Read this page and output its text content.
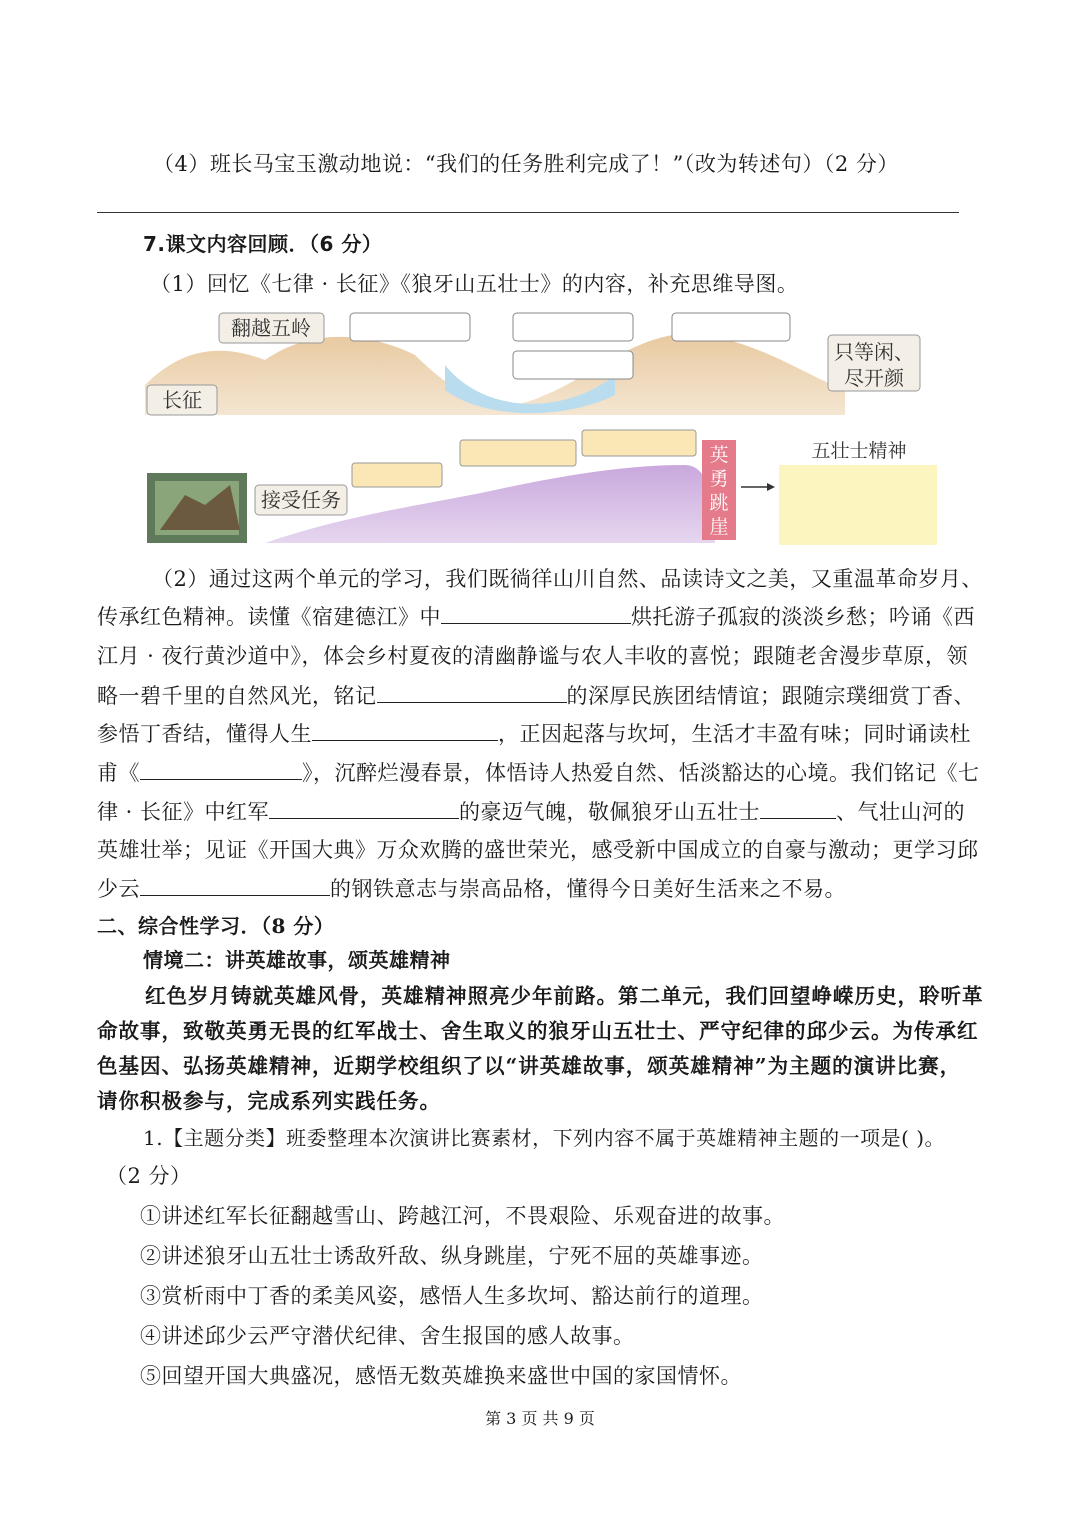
（4）班长马宝玉激动地说：“我们的任务胜利完成了！”（改为转述句）（2 分）
7.课文内容回顾．（6 分）
（1）回忆《七律 · 长征》《狼牙山五壮士》的内容，补充思维导图。
翻越五岭
长征
只等闲、
尽开颜
接受任务
英
勇
跳
崖
五壮士精神
（2）通过这两个单元的学习，我们既徜徉山川自然、品读诗文之美，又重温革命岁月、
传承红色精神。读懂《宿建德江》中	烘托游子孤寂的淡淡乡愁；吟诵《西
江月 · 夜行黄沙道中》，体会乡村夏夜的清幽静谧与农人丰收的喜悦；跟随老舍漫步草原，领
略一碧千里的自然风光，铭记	的深厚民族团结情谊；跟随宗璞细赏丁香、
参悟丁香结，懂得人生	，正因起落与坎坷，生活才丰盈有味；同时诵读杜
甫《	》，沉醉烂漫春景，体悟诗人热爱自然、恬淡豁达的心境。我们铭记《七
律 · 长征》中红军	的豪迈气魄，敬佩狼牙山五壮士	、气壮山河的
英雄壮举；见证《开国大典》万众欢腾的盛世荣光，感受新中国成立的自豪与激动；更学习邱
少云	的钢铁意志与崇高品格，懂得今日美好生活来之不易。
二、综合性学习．（8 分）
情境二：讲英雄故事，颂英雄精神
红色岁月铸就英雄风骨，英雄精神照亮少年前路。第二单元，我们回望峥嵘历史，聆听革
命故事，致敬英勇无畏的红军战士、舍生取义的狼牙山五壮士、严守纪律的邱少云。为传承红
色基因、弘扬英雄精神，近期学校组织了以“讲英雄故事，颂英雄精神”为主题的演讲比赛，
请你积极参与，完成系列实践任务。
1.【主题分类】班委整理本次演讲比赛素材，下列内容不属于英雄精神主题的一项是( )。
（2 分）
①讲述红军长征翻越雪山、跨越江河，不畏艰险、乐观奋进的故事。
②讲述狼牙山五壮士诱敌歼敌、纵身跳崖，宁死不屈的英雄事迹。
③赏析雨中丁香的柔美风姿，感悟人生多坎坷、豁达前行的道理。
④讲述邱少云严守潜伏纪律、舍生报国的感人故事。
⑤回望开国大典盛况，感悟无数英雄换来盛世中国的家国情怀。
第 3 页 共 9 页
